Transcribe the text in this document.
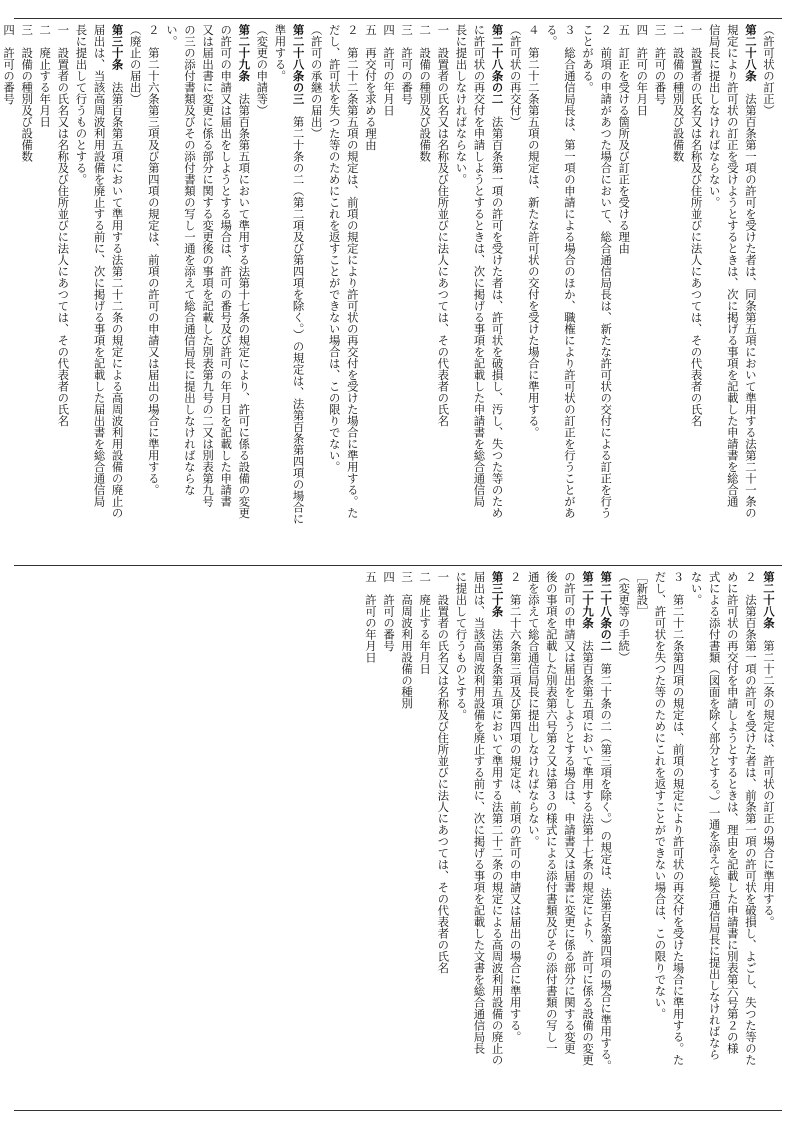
（許可状の訂正）
第二十八条　法第百条第一項の許可を受けた者は、同条第五項において準用する法第二十一条の
規定により許可状の訂正を受けようとするときは、次に掲げる事項を記載した申請書を総合通
信局長に提出しなければならない。
一　設置者の氏名又は名称及び住所並びに法人にあつては、その代表者の氏名
二　設備の種別及び設備数
三　許可の番号
四　許可の年月日
五　訂正を受ける箇所及び訂正を受ける理由
２　前項の申請があつた場合において、総合通信局長は、新たな許可状の交付による訂正を行う
ことがある。
３　総合通信局長は、第一項の申請による場合のほか、職権により許可状の訂正を行うことがあ
る。
４　第二十二条第五項の規定は、新たな許可状の交付を受けた場合に準用する。
（許可状の再交付）
第二十八条の二　法第百条第一項の許可を受けた者は、許可状を破損し、汚し、失つた等のため
に許可状の再交付を申請しようとするときは、次に掲げる事項を記載した申請書を総合通信局
長に提出しなければならない。
一　設置者の氏名又は名称及び住所並びに法人にあつては、その代表者の氏名
二　設備の種別及び設備数
三　許可の番号
四　許可の年月日
五　再交付を求める理由
２　第二十二条第五項の規定は、前項の規定により許可状の再交付を受けた場合に準用する。た
だし、許可状を失つた等のためにこれを返すことができない場合は、この限りでない。
（許可の承継の届出）
第二十八条の三　第二十条の二（第二項及び第四項を除く。）の規定は、法第百条第四項の場合に
準用する。
（変更の申請等）
第二十九条　法第百条第五項において準用する法第十七条の規定により、許可に係る設備の変更
の許可の申請又は届出をしようとする場合は、許可の番号及び許可の年月日を記載した申請書
又は届出書に変更に係る部分に関する変更後の事項を記載した別表第九号の二又は別表第九号
の三の添付書類及びその添付書類の写し一通を添えて総合通信局長に提出しなければならな
い。
２　第二十六条第三項及び第四項の規定は、前項の許可の申請又は届出の場合に準用する。
（廃止の届出）
第三十条　法第百条第五項において準用する法第二十二条の規定による高周波利用設備の廃止の
届出は、当該高周波利用設備を廃止する前に、次に掲げる事項を記載した届出書を総合通信局
長に提出して行うものとする。
一　設置者の氏名又は名称及び住所並びに法人にあつては、その代表者の氏名
二　廃止する年月日
三　設備の種別及び設備数
四　許可の番号
第二十八条　第二十二条の規定は、許可状の訂正の場合に準用する。
２　法第百条第一項の許可を受けた者は、前条第一項の許可状を破損し、よごし、失つた等のた
めに許可状の再交付を申請しようとするときは、理由を記載した申請書に別表第六号第２の様
式による添付書類（図面を除く部分とする。）一通を添えて総合通信局長に提出しなければなら
ない。
３　第二十二条第四項の規定は、前項の規定により許可状の再交付を受けた場合に準用する。た
だし、許可状を失つた等のためにこれを返すことができない場合は、この限りでない。
［新設］
（変更等の手続）
第二十八条の二　第二十条の二（第三項を除く。）の規定は、法第百条第四項の場合に準用する。
第二十九条　法第百条第五項において準用する法第十七条の規定により、許可に係る設備の変更
の許可の申請又は届出をしようとする場合は、申請書又は届書に変更に係る部分に関する変更
後の事項を記載した別表第六号第２又は第３の様式による添付書類及びその添付書類の写し一
通を添えて総合通信局長に提出しなければならない。
２　第二十六条第三項及び第四項の規定は、前項の許可の申請又は届出の場合に準用する。
第三十条　法第百条第五項において準用する法第二十二条の規定による高周波利用設備の廃止の
届出は、当該高周波利用設備を廃止する前に、次に掲げる事項を記載した文書を総合通信局長
に提出して行うものとする。
一　設置者の氏名又は名称及び住所並びに法人にあつては、その代表者の氏名
二　廃止する年月日
三　高周波利用設備の種別
四　許可の番号
五　許可の年月日
